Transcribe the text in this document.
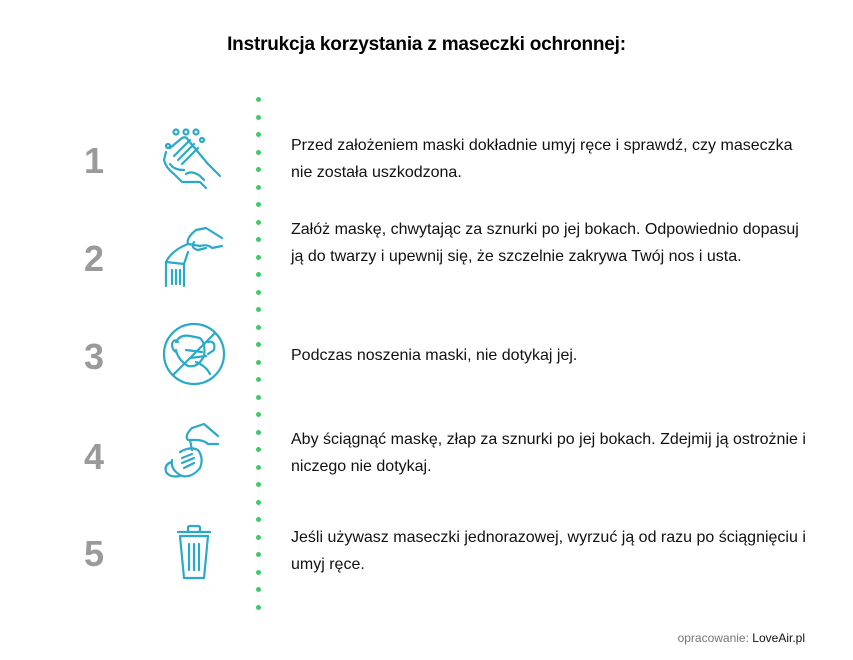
Instrukcja korzystania z maseczki ochronnej:
1	Przed założeniem maski dokładnie umyj ręce i sprawdź, czy maseczka nie została uszkodzona.
2
Załóż maskę, chwytając za sznurki po jej bokach. Odpowiednio dopasuj ją do twarzy i upewnij się, że szczelnie zakrywa Twój nos i usta.
3	Podczas noszenia maski, nie dotykaj jej.
4	Aby ściągnąć maskę, złap za sznurki po jej bokach. Zdejmij ją ostrożnie i niczego nie dotykaj.
5	Jeśli używasz maseczki jednorazowej, wyrzuć ją od razu po ściągnięciu i umyj ręce.
opracowanie: LoveAir.pl
